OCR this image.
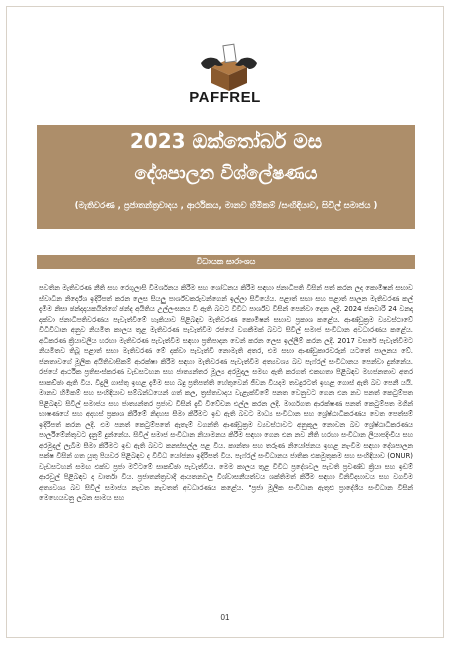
PAFFREL
2023 ඔක්තෝබර් මස
දේශපාලන විශ්ලේෂණය
(මැතිවරණ , ප්‍රජාතන්ත්‍රවාදය , ආර්ථිකය, මානව හිමිකම් /සංහිඳියාව, සිවිල් සමාජය )
විධායක සාරාංශය
පවතින මැතිවරණ නීති සහ රෙගුලාසි විමර්ශනය කිරීම සහ ශෝධනය කිරීම සඳහා ජනාධිපති විසින් පත් කරන ලද කොමිෂන් සභාව ස්වාධීන නිර්දේශ ඉදිරිපත් කරන ලෙස සියලු පාර්ශ්වකරුවන්ගෙන් ඉල්ලා සිටියේය. පළාත් සභා සහ පළාත් පාලන මැතිවරණ කල් දැමීම නිසා ඡන්දදායකයින්ගේ ඡන්ද අයිතිය උල්ලංඝනය වී ඇති බවට විවිධ පාර්ශ්ව විසින් පෙන්වා දෙන ලදී. 2024 ජනවාරි 24 වනදා දක්වා ජනාධිපතිවරණය පැවැත්වීමේ හැකියාව පිළිබඳව මැතිවරණ කොමිෂන් සභාව ප්‍රකාශ කළේය. ආණ්ඩුක්‍රම ව්‍යවස්ථාවේ විධිවිධාන අනුව නියමිත කාලය තුළ මැතිවරණ පැවැත්වීම රජයේ වගකීමක් බවට සිවිල් සමාජ සංවිධාන අවධාරණය කළේය. අධිකරණ ක්‍රියාවලිය හරහා මැතිවරණ පැවැත්වීම සඳහා ප්‍රතිපාදන වෙන් කරන ලෙස ඉල්ලීම් කරන ලදී. 2017 වසරේ පැවැත්වීමට නියමිතව තිබූ පළාත් සභා මැතිවරණ මේ දක්වා පැවැත්වී නොමැති අතර, එම සභා ආණ්ඩුකාරවරුන් යටතේ පාලනය වේ. ජනතාවගේ මූලික අයිතිවාසිකම් ආරක්ෂා කිරීම සඳහා මැතිවරණ පැවැත්වීම අත්‍යවශ්‍ය බව පැෆ්රල් සංවිධානය පෙන්වා දුන්නේය. රජයේ ආර්ථික ප්‍රතිසංස්කරණ වැඩසටහන සහ ජාත්‍යන්තර මූල්‍ය අරමුදල සමඟ ඇති කරගත් එකඟතා පිළිබඳව මහජනතාව අතර සාකච්ඡා ඇති විය. විදුලි ගාස්තු ඉහළ දැමීම සහ බදු ප්‍රතිපත්ති හේතුවෙන් ජීවන වියදම තවදුරටත් ඉහළ ගොස් ඇති බව පෙනී යයි. මානව හිමිකම් සහ සංහිඳියාව සම්බන්ධයෙන් ගත් කල, ත්‍රස්තවාදය වැළැක්වීමේ පනත වෙනුවට ගෙන එන නව පනත් කෙටුම්පත පිළිබඳව සිවිල් සමාජය සහ ජාත්‍යන්තර ප්‍රජාව විසින් දැඩි විවේචන එල්ල කරන ලදී. මාර්ගගත ආරක්ෂණ පනත් කෙටුම්පත මගින් භාෂණයේ සහ අදහස් ප්‍රකාශ කිරීමේ නිදහස සීමා කිරීමට ඉඩ ඇති බවට මාධ්‍ය සංවිධාන සහ ශ්‍රේෂ්ඨාධිකරණය වෙත පෙත්සම් ඉදිරිපත් කරන ලදී. එම පනත් කෙටුම්පතේ ඇතැම් වගන්ති ආණ්ඩුක්‍රම ව්‍යවස්ථාවට අනුකූල නොවන බව ශ්‍රේෂ්ඨාධිකරණය පාර්ලිමේන්තුවට දැනුම් දුන්නේය. සිවිල් සමාජ සංවිධාන නියාමනය කිරීම සඳහා ගෙන එන නව නීති හරහා සංවිධාන ලියාපදිංචිය සහ අරමුදල් ලැබීම සීමා කිරීමට ඉඩ ඇති බවට කනස්සල්ල පළ විය. කාන්තා සහ තරුණ නියෝජනය ඉහළ නැංවීම සඳහා දේශපාලන පක්ෂ විසින් ගත යුතු පියවර පිළිබඳව ද විවිධ යෝජනා ඉදිරිපත් විය. පැෆ්රල් සංවිධානය ජාතික එකමුතුකම සහ සංහිඳියාව (ONUR) වැඩසටහන් සමඟ එක්ව ප්‍රජා මට්ටමේ සාකච්ඡා පැවැත්වීය. මෙම කාලය තුළ විවිධ ප්‍රදේශවල පැවති ප්‍රචණ්ඩ ක්‍රියා සහ ඉඩම් ආරවුල් පිළිබඳව ද වාර්තා විය. ප්‍රජාතන්ත්‍රවාදී ආයතනවල විශ්වාසනීයත්වය ශක්තිමත් කිරීම සඳහා විනිවිදභාවය සහ වගවීම අත්‍යවශ්‍ය බව සිවිල් සමාජය නැවත නැවතත් අවධාරණය කළේය. "ප්‍රජා මූලික සංවිධාන ඇතුළු ප්‍රාදේශීය සංවිධාන විසින් මෙහෙයවනු ලබන සාමය සහ
01
